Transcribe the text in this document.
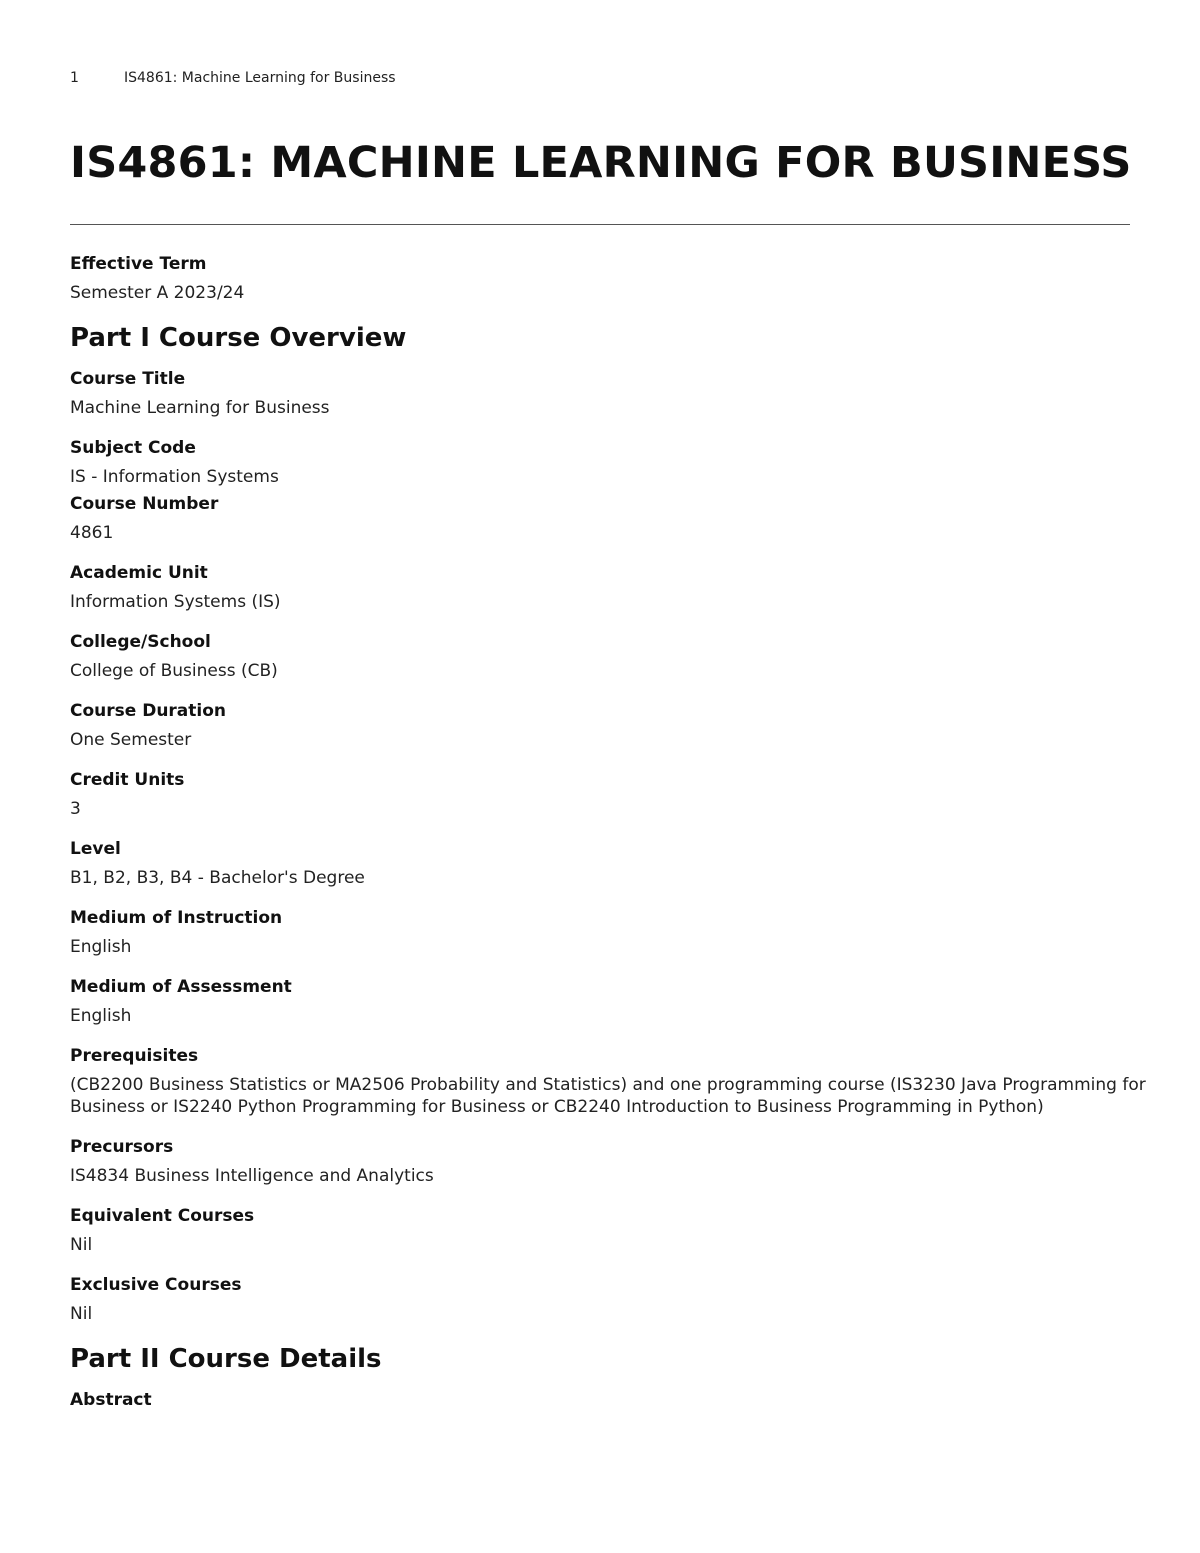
1	IS4861: Machine Learning for Business
IS4861: MACHINE LEARNING FOR BUSINESS
Effective Term
Semester A 2023/24
Part I Course Overview
Course Title
Machine Learning for Business
Subject Code
IS - Information Systems
Course Number
4861
Academic Unit
Information Systems (IS)
College/School
College of Business (CB)
Course Duration
One Semester
Credit Units
3
Level
B1, B2, B3, B4 - Bachelor's Degree
Medium of Instruction
English
Medium of Assessment
English
Prerequisites
(CB2200 Business Statistics or MA2506 Probability and Statistics) and one programming course (IS3230 Java Programming for Business or IS2240 Python Programming for Business or CB2240 Introduction to Business Programming in Python)
Precursors
IS4834 Business Intelligence and Analytics
Equivalent Courses
Nil
Exclusive Courses
Nil
Part II Course Details
Abstract
